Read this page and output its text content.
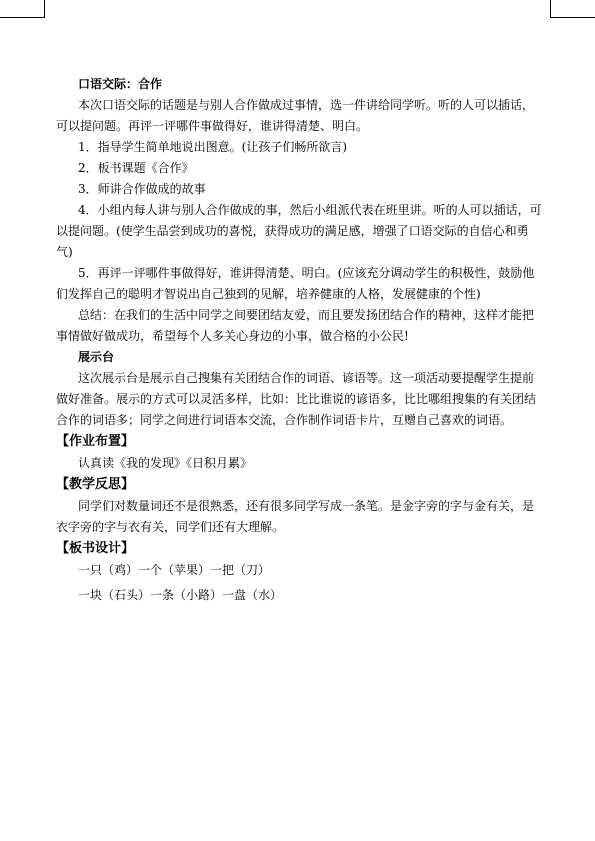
口语交际：合作

本次口语交际的话题是与别人合作做成过事情，选一件讲给同学听。听的人可以插话，

可以提问题。再评一评哪件事做得好，谁讲得清楚、明白。

1．指导学生简单地说出图意。(让孩子们畅所欲言)

2．板书课题《合作》

3．师讲合作做成的故事

4．小组内每人讲与别人合作做成的事，然后小组派代表在班里讲。听的人可以插话，可

以提问题。(使学生品尝到成功的喜悦，获得成功的满足感，增强了口语交际的自信心和勇

气)

5．再评一评哪件事做得好，谁讲得清楚、明白。(应该充分调动学生的积极性，鼓励他

们发挥自己的聪明才智说出自己独到的见解，培养健康的人格，发展健康的个性)

总结：在我们的生活中同学之间要团结友爱，而且要发扬团结合作的精神，这样才能把

事情做好做成功，希望每个人多关心身边的小事，做合格的小公民!

展示台

这次展示台是展示自己搜集有关团结合作的词语、谚语等。这一项活动要提醒学生提前

做好准备。展示的方式可以灵活多样，比如：比比谁说的谚语多，比比哪组搜集的有关团结

合作的词语多；同学之间进行词语本交流，合作制作词语卡片，互赠自己喜欢的词语。

【作业布置】

认真读《我的发现》《日积月累》

【教学反思】

同学们对数量词还不是很熟悉，还有很多同学写成一条笔。是金字旁的字与金有关，是

衣字旁的字与衣有关，同学们还有大理解。

【板书设计】

一只（鸡）一个（苹果）一把（刀）

一块（石头）一条（小路）一盘（水）
